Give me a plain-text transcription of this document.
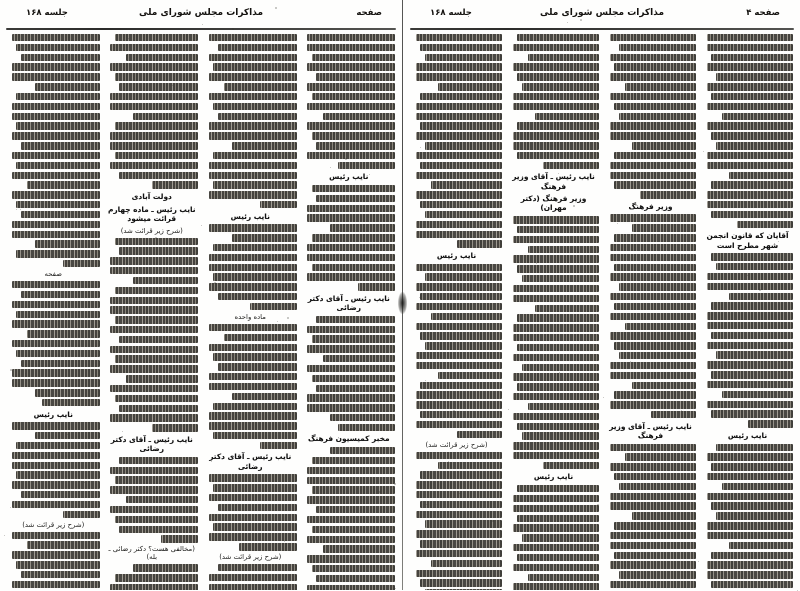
صفحه ۴
مذاکرات مجلس شورای ملی
جلسه ۱۶۸
آقایان که قانون انجمن شهر مطرح است
نایب رئیس
وزیر فرهنگ
نایب رئیس ـ آقای وزیر فرهنگ
نایب رئیس ـ آقای وزیر فرهنگ
وزیر فرهنگ (دکتر مهران)
نایب رئیس
نایب رئیس
(شرح زیر قرائت شد)
صفحه
مذاکرات مجلس شورای ملی
جلسه ۱۶۸
نایب رئیس
نایب رئیس ـ آقای دکتر رضائی
مخبر کمیسیون فرهنگ
نایب رئیس
ماده واحده
نایب رئیس ـ آقای دکتر رضائی
(شرح زیر قرائت شد)
دولت آبادی
نایب رئیس ـ ماده چهارم قرائت میشود
(شرح زیر قرائت شد)
نایب رئیس ـ آقای دکتر رضائی
(مخالفی هست؟ دکتر رضائی ـ بله)
صفحه
نایب رئیس
(شرح زیر قرائت شد)
